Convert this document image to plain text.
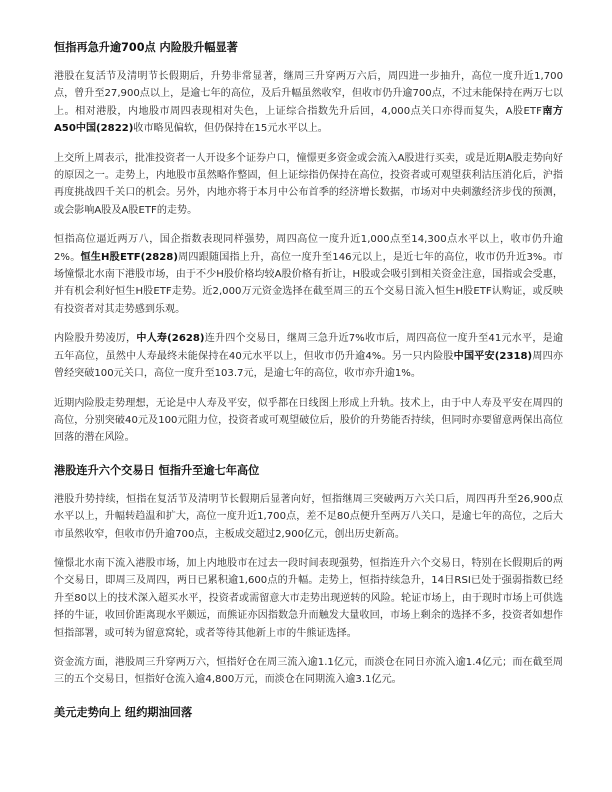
恒指再急升逾700点 内险股升幅显著

港股在复活节及清明节长假期后，升势非常显著，继周三升穿两万六后，周四进一步抽升，高位一度升近1,700点，曾升至27,900点以上，是逾七年的高位，及后升幅虽然收窄，但收市仍升逾700点，不过未能保持在两万七以上。相对港股，内地股市周四表现相对失色，上证综合指数先升后回，4,000点关口亦得而复失，A股ETF南方A50中国(2822)收市略见偏软，但仍保持在15元水平以上。

上交所上周表示，批准投资者一人开设多个证券户口，憧憬更多资金或会流入A股进行买卖，或是近期A股走势向好的原因之一。走势上，内地股市虽然略作整固，但上证综指仍保持在高位，投资者或可观望获利沽压消化后，沪指再度挑战四千关口的机会。另外，内地亦将于本月中公布首季的经济增长数据，市场对中央刺激经济步伐的预测，或会影响A股及A股ETF的走势。

恒指高位逼近两万八，国企指数表现同样强势，周四高位一度升近1,000点至14,300点水平以上，收市仍升逾2%。恒生H股ETF(2828)周四跟随国指上升，高位一度升至146元以上，是近七年的高位，收市仍升近3%。市场憧憬北水南下港股市场，由于不少H股价格均较A股价格有折让，H股或会吸引到相关资金注意，国指或会受惠，并有机会利好恒生H股ETF走势。近2,000万元资金选择在截至周三的五个交易日流入恒生H股ETF认购证，或反映有投资者对其走势感到乐观。

内险股升势凌厉，中人寿(2628)连升四个交易日，继周三急升近7%收市后，周四高位一度升至41元水平，是逾五年高位，虽然中人寿最终未能保持在40元水平以上，但收市仍升逾4%。另一只内险股中国平安(2318)周四亦曾经突破100元关口，高位一度升至103.7元，是逾七年的高位，收市亦升逾1%。

近期内险股走势理想，无论是中人寿及平安，似乎都在日线图上形成上升轨。技术上，由于中人寿及平安在周四的高位，分别突破40元及100元阻力位，投资者或可观望破位后，股价的升势能否持续，但同时亦要留意两保出高位回落的潜在风险。

港股连升六个交易日 恒指升至逾七年高位

港股升势持续，恒指在复活节及清明节长假期后显著向好，恒指继周三突破两万六关口后，周四再升至26,900点水平以上，升幅转趋温和扩大，高位一度升近1,700点，差不足80点便升至两万八关口，是逾七年的高位，之后大市虽然收窄，但收市仍升逾700点，主板成交超过2,900亿元，创出历史新高。

憧憬北水南下流入港股市场，加上内地股市在过去一段时间表现强势，恒指连升六个交易日，特别在长假期后的两个交易日，即周三及周四，两日已累积逾1,600点的升幅。走势上，恒指持续急升，14日RSI已处于强弱指数已经升至80以上的技术深入超买水平，投资者或需留意大市走势出现逆转的风险。轮证市场上，由于现时市场上可供选择的牛证，收回价距离现水平颇远，而熊证亦因指数急升而触发大量收回，市场上剩余的选择不多，投资者如想作恒指部署，或可转为留意窝轮，或者等待其他新上市的牛熊证选择。

资金流方面，港股周三升穿两万六，恒指好仓在周三流入逾1.1亿元，而淡仓在同日亦流入逾1.4亿元；而在截至周三的五个交易日，恒指好仓流入逾4,800万元，而淡仓在同期流入逾3.1亿元。

美元走势向上 纽约期油回落
